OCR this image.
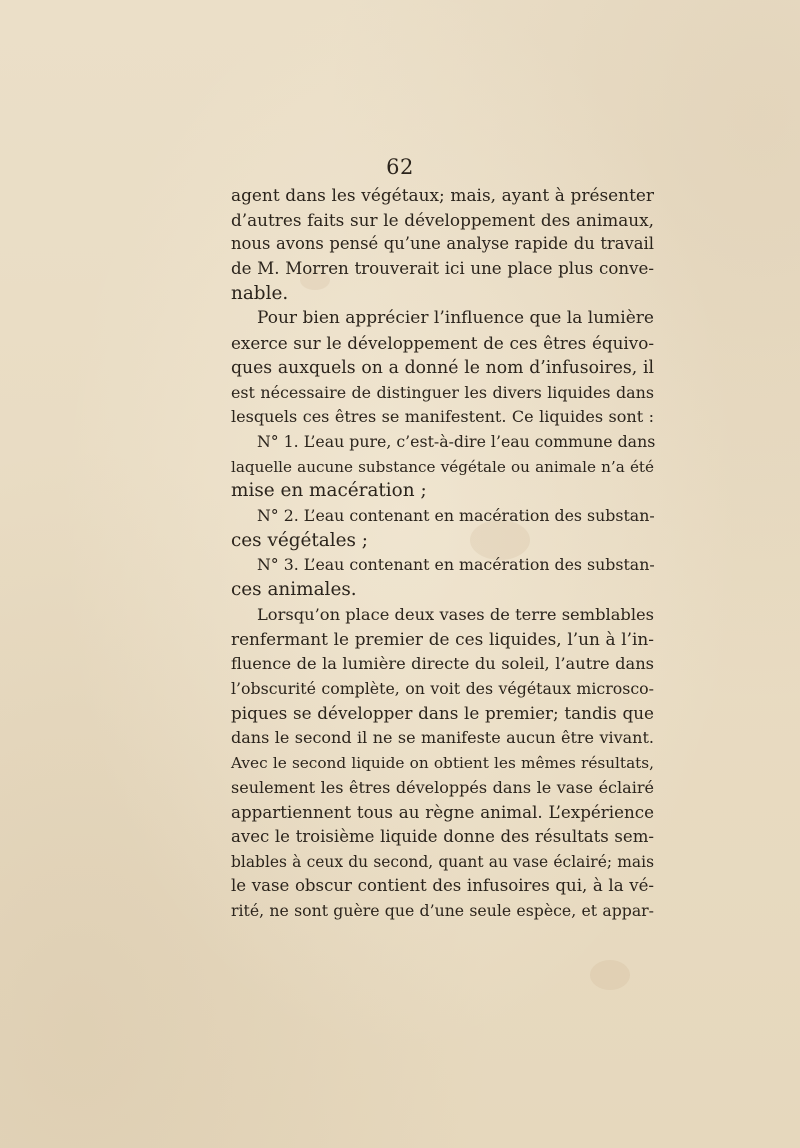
62
agent dans les végétaux; mais, ayant à présenter
d’autres faits sur le développement des animaux,
nous avons pensé qu’une analyse rapide du travail
de M. Morren trouverait ici une place plus conve-
nable.
Pour bien apprécier l’influence que la lumière
exerce sur le développement de ces êtres équivo-
ques auxquels on a donné le nom d’infusoires, il
est nécessaire de distinguer les divers liquides dans
lesquels ces êtres se manifestent. Ce liquides sont :
N° 1. L’eau pure, c’est-à-dire l’eau commune dans
laquelle aucune substance végétale ou animale n’a été
mise en macération ;
N° 2. L’eau contenant en macération des substan-
ces végétales ;
N° 3. L’eau contenant en macération des substan-
ces animales.
Lorsqu’on place deux vases de terre semblables
renfermant le premier de ces liquides, l’un à l’in-
fluence de la lumière directe du soleil, l’autre dans
l’obscurité complète, on voit des végétaux microsco-
piques se développer dans le premier; tandis que
dans le second il ne se manifeste aucun être vivant.
Avec le second liquide on obtient les mêmes résultats,
seulement les êtres développés dans le vase éclairé
appartiennent tous au règne animal. L’expérience
avec le troisième liquide donne des résultats sem-
blables à ceux du second, quant au vase éclairé; mais
le vase obscur contient des infusoires qui, à la vé-
rité, ne sont guère que d’une seule espèce, et appar-
